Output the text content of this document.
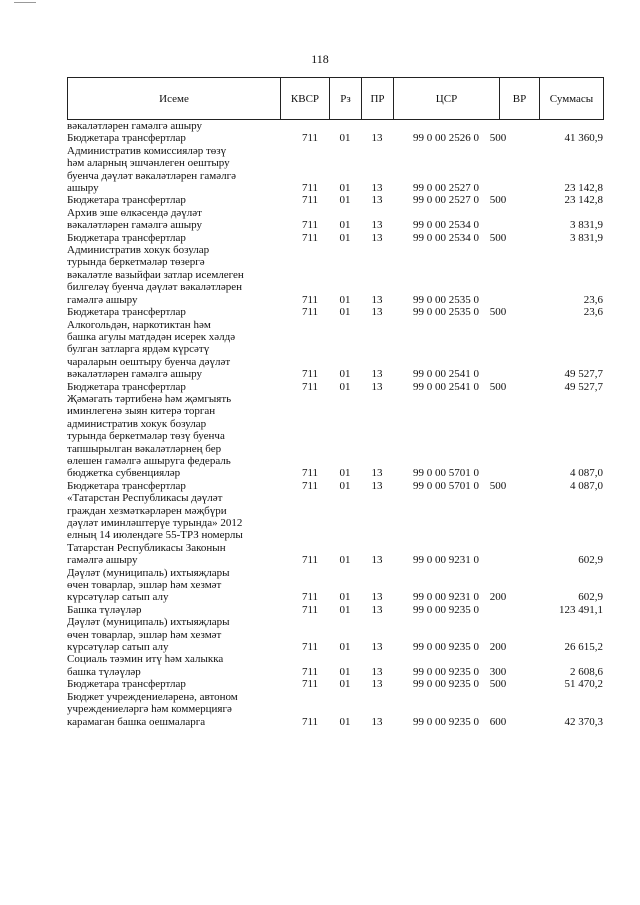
118
Исеме	КВСР	Рз	ПР	ЦСР	ВР	Суммасы
вәкаләтләрен гамәлгә ашыру
Бюджетара трансфертлар	711	01	13	99 0 00 2526 0 500	41 360,9
Административ комиссияләр төзү
һәм аларның эшчәнлеген оештыру
буенча дәүләт вәкаләтләрен гамәлгә
ашыру	711	01	13	99 0 00 2527 0	23 142,8
Бюджетара трансфертлар	711	01	13	99 0 00 2527 0 500	23 142,8
Архив эше өлкәсендә дәүләт
вәкаләтләрен гамәлгә ашыру	711	01	13	99 0 00 2534 0	3 831,9
Бюджетара трансфертлар	711	01	13	99 0 00 2534 0 500	3 831,9
Административ хокук бозулар
турында беркетмәләр төзергә
вәкаләтле вазыйфаи затлар исемлеген
билгеләү буенча дәүләт вәкаләтләрен
гамәлгә ашыру	711	01	13	99 0 00 2535 0	23,6
Бюджетара трансфертлар	711	01	13	99 0 00 2535 0 500	23,6
Алкогольдән, наркотиктан һәм
башка агулы матдәдән исерек хәлдә
булган затларга ярдәм күрсәтү
чараларын оештыру буенча дәүләт
вәкаләтләрен гамәлгә ашыру	711	01	13	99 0 00 2541 0	49 527,7
Бюджетара трансфертлар	711	01	13	99 0 00 2541 0 500	49 527,7
Җәмәгать тәртибенә һәм җәмгыять
иминлегенә зыян китерә торган
административ хокук бозулар
турында беркетмәләр төзү буенча
тапшырылган вәкаләтләрнең бер
өлешен гамәлгә ашыруга федераль
бюджетка субвенцияләр	711	01	13	99 0 00 5701 0	4 087,0
Бюджетара трансфертлар	711	01	13	99 0 00 5701 0 500	4 087,0
«Татарстан Республикасы дәүләт
граждан хезмәткәрләрен мәҗбүри
дәүләт иминләштерүе турында» 2012
елның 14 июлендәге 55-ТРЗ номерлы
Татарстан Республикасы Законын
гамәлгә ашыру	711	01	13	99 0 00 9231 0	602,9
Дәүләт (муниципаль) ихтыяҗлары
өчен товарлар, эшләр һәм хезмәт
күрсәтүләр сатып алу	711	01	13	99 0 00 9231 0 200	602,9
Башка түләүләр	711	01	13	99 0 00 9235 0	123 491,1
Дәүләт (муниципаль) ихтыяҗлары
өчен товарлар, эшләр һәм хезмәт
күрсәтүләр сатып алу	711	01	13	99 0 00 9235 0 200	26 615,2
Социаль тәэмин итү һәм халыкка
башка түләүләр	711	01	13	99 0 00 9235 0 300	2 608,6
Бюджетара трансфертлар	711	01	13	99 0 00 9235 0 500	51 470,2
Бюджет учреждениеләренә, автоном
учреждениеләргә һәм коммерциягә
карамаган башка оешмаларга	711	01	13	99 0 00 9235 0 600	42 370,3
